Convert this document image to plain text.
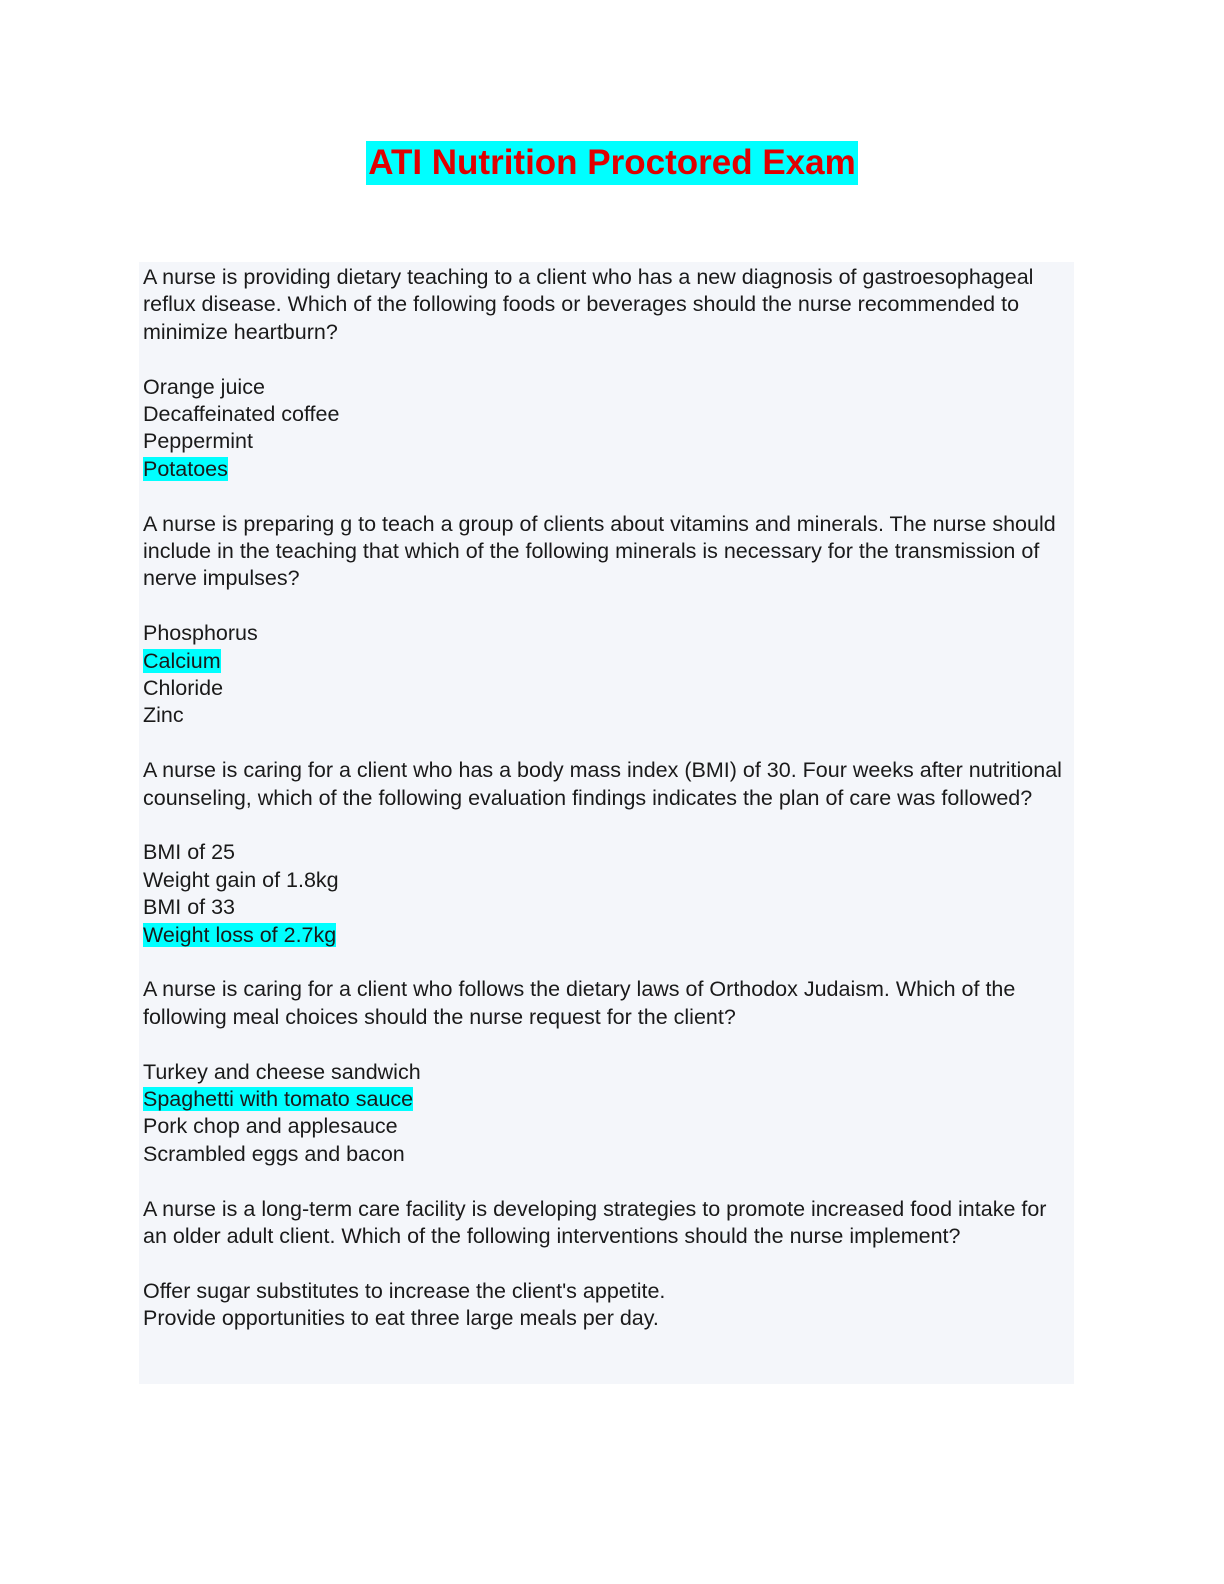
ATI Nutrition Proctored Exam

A nurse is providing dietary teaching to a client who has a new diagnosis of gastroesophageal reflux disease. Which of the following foods or beverages should the nurse recommended to minimize heartburn?

Orange juice
Decaffeinated coffee
Peppermint
Potatoes

A nurse is preparing g to teach a group of clients about vitamins and minerals. The nurse should include in the teaching that which of the following minerals is necessary for the transmission of nerve impulses?

Phosphorus
Calcium
Chloride
Zinc

A nurse is caring for a client who has a body mass index (BMI) of 30. Four weeks after nutritional counseling, which of the following evaluation findings indicates the plan of care was followed?

BMI of 25
Weight gain of 1.8kg
BMI of 33
Weight loss of 2.7kg

A nurse is caring for a client who follows the dietary laws of Orthodox Judaism. Which of the following meal choices should the nurse request for the client?

Turkey and cheese sandwich
Spaghetti with tomato sauce
Pork chop and applesauce
Scrambled eggs and bacon

A nurse is a long-term care facility is developing strategies to promote increased food intake for an older adult client. Which of the following interventions should the nurse implement?

Offer sugar substitutes to increase the client's appetite.
Provide opportunities to eat three large meals per day.
